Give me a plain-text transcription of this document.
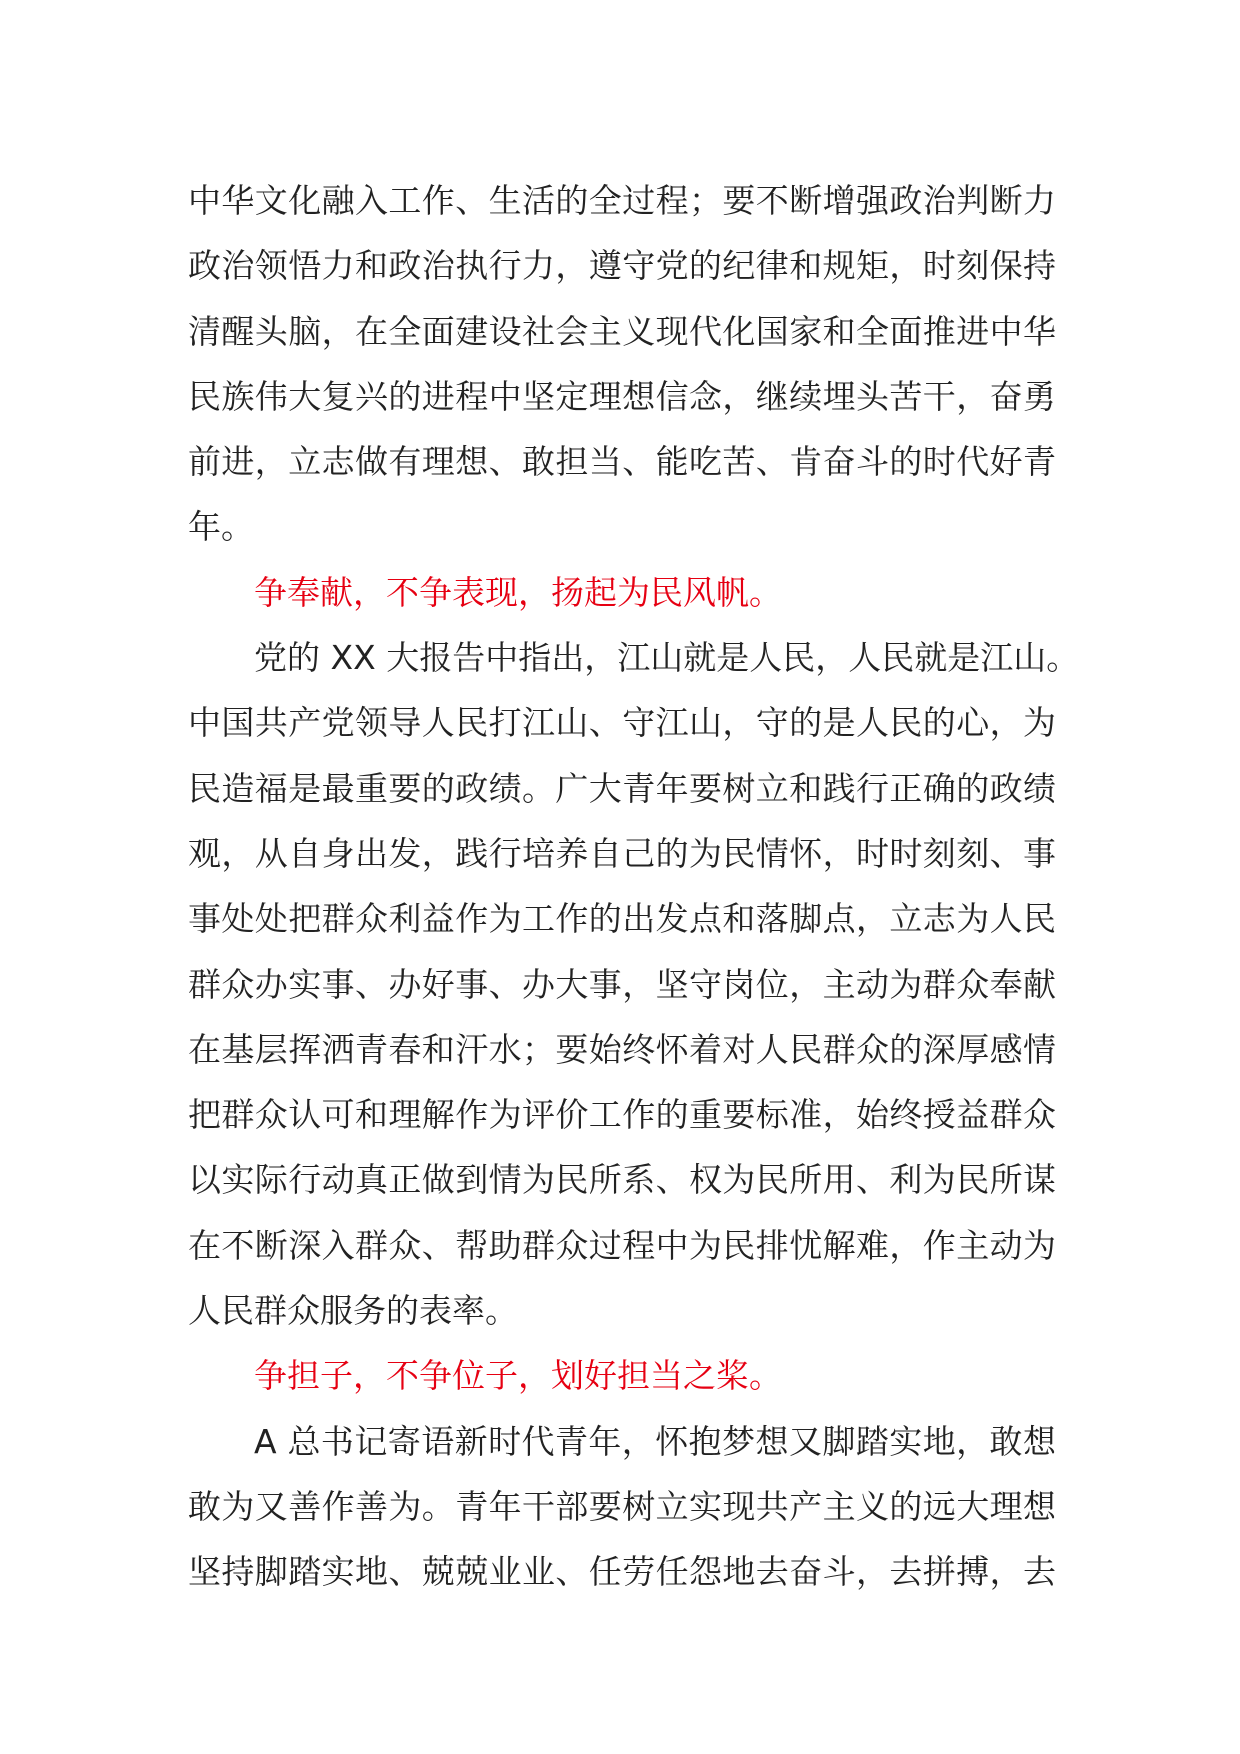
中华文化融入工作、生活的全过程；要不断增强政治判断力
政治领悟力和政治执行力，遵守党的纪律和规矩，时刻保持
清醒头脑，在全面建设社会主义现代化国家和全面推进中华
民族伟大复兴的进程中坚定理想信念，继续埋头苦干，奋勇
前进，立志做有理想、敢担当、能吃苦、肯奋斗的时代好青
年。

争奉献，不争表现，扬起为民风帆。

党的 XX 大报告中指出，江山就是人民，人民就是江山。
中国共产党领导人民打江山、守江山，守的是人民的心，为
民造福是最重要的政绩。广大青年要树立和践行正确的政绩
观，从自身出发，践行培养自己的为民情怀，时时刻刻、事
事处处把群众利益作为工作的出发点和落脚点，立志为人民
群众办实事、办好事、办大事，坚守岗位，主动为群众奉献
在基层挥洒青春和汗水；要始终怀着对人民群众的深厚感情
把群众认可和理解作为评价工作的重要标准，始终授益群众
以实际行动真正做到情为民所系、权为民所用、利为民所谋
在不断深入群众、帮助群众过程中为民排忧解难，作主动为
人民群众服务的表率。

争担子，不争位子，划好担当之桨。

A 总书记寄语新时代青年，怀抱梦想又脚踏实地，敢想
敢为又善作善为。青年干部要树立实现共产主义的远大理想
坚持脚踏实地、兢兢业业、任劳任怨地去奋斗，去拼搏，去
